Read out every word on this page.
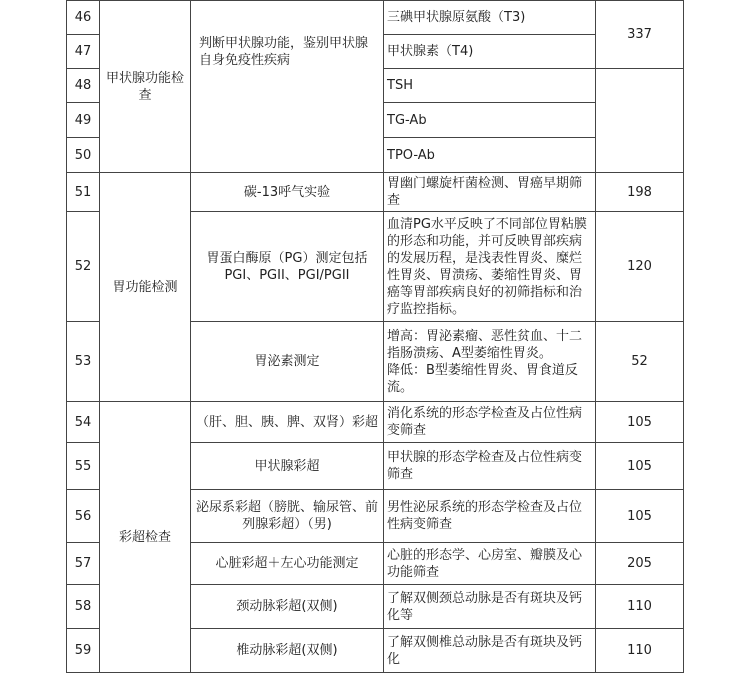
46	甲状腺功能检查	判断甲状腺功能，鉴别甲状腺自身免疫性疾病	三碘甲状腺原氨酸（T3)	337
47			甲状腺素（T4)	
48			TSH	
49			TG-Ab	
50			TPO-Ab	
51	胃功能检测	碳-13呼气实验	胃幽门螺旋杆菌检测、胃癌早期筛查	198
52		胃蛋白酶原（PG）测定包括PGI、PGII、PGI/PGII	血清PG水平反映了不同部位胃粘膜的形态和功能，并可反映胃部疾病的发展历程，是浅表性胃炎、糜烂性胃炎、胃溃疡、萎缩性胃炎、胃癌等胃部疾病良好的初筛指标和治疗监控指标。	120
53		胃泌素测定	增高：胃泌素瘤、恶性贫血、十二指肠溃疡、A型萎缩性胃炎。
降低：B型萎缩性胃炎、胃食道反流。	52
54	彩超检查	（肝、胆、胰、脾、双肾）彩超	消化系统的形态学检查及占位性病变筛查	105
55		甲状腺彩超	甲状腺的形态学检查及占位性病变筛查	105
56		泌尿系彩超（膀胱、输尿管、前列腺彩超）（男)	男性泌尿系统的形态学检查及占位性病变筛查	105
57		心脏彩超＋左心功能测定	心脏的形态学、心房室、瓣膜及心功能筛查	205
58		颈动脉彩超(双侧)	了解双侧颈总动脉是否有斑块及钙化等	110
59		椎动脉彩超(双侧)	了解双侧椎总动脉是否有斑块及钙化	110
